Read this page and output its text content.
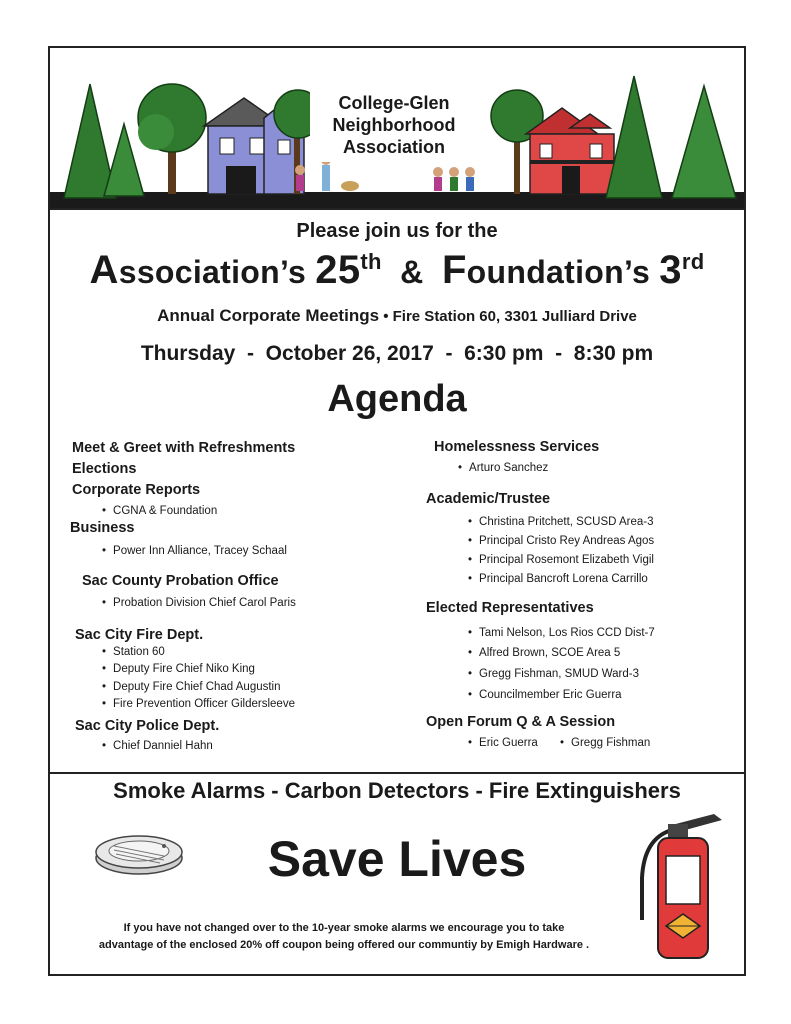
College-Glen
Neighborhood
Association
Please join us for the
Association’s 25th  &  Foundation’s 3rd
Annual Corporate Meetings • Fire Station 60, 3301 Julliard Drive
Thursday  -  October 26, 2017  -  6:30 pm  -  8:30 pm
Agenda
Meet & Greet with Refreshments
Elections
Corporate Reports
• CGNA & Foundation
Business
• Power Inn Alliance, Tracey Schaal
Sac County Probation Office
• Probation Division Chief Carol Paris
Sac City Fire Dept.
• Station 60
• Deputy Fire Chief Niko King
• Deputy Fire Chief Chad Augustin
• Fire Prevention Officer Gildersleeve
Sac City Police Dept.
• Chief Danniel Hahn
Homelessness Services
• Arturo Sanchez
Academic/Trustee
• Christina Pritchett, SCUSD Area-3
• Principal Cristo Rey Andreas Agos
• Principal Rosemont Elizabeth Vigil
• Principal Bancroft Lorena Carrillo
Elected Representatives
• Tami Nelson, Los Rios CCD Dist-7
• Alfred Brown, SCOE Area 5
• Gregg Fishman, SMUD Ward-3
• Councilmember Eric Guerra
Open Forum Q & A Session
• Eric Guerra
•	Gregg Fishman
Smoke Alarms - Carbon Detectors - Fire Extinguishers
Save Lives
If you have not changed over to the 10-year smoke alarms we encourage you to take
advantage of the enclosed 20% off coupon being offered our communtiy by Emigh Hardware .
